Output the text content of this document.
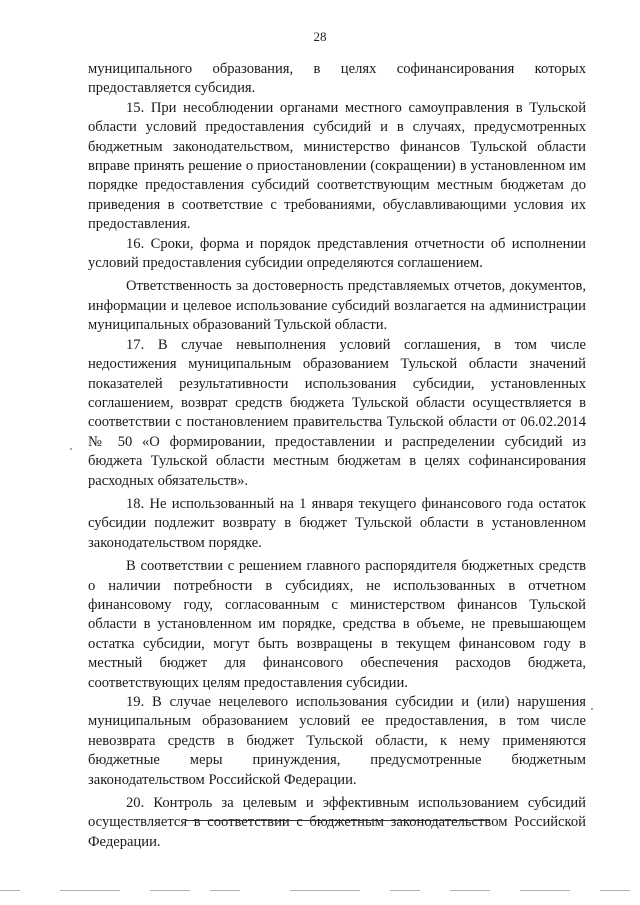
28

муниципального образования, в целях софинансирования которых предоставляется субсидия.

15. При несоблюдении органами местного самоуправления в Тульской области условий предоставления субсидий и в случаях, предусмотренных бюджетным законодательством, министерство финансов Тульской области вправе принять решение о приостановлении (сокращении) в установленном им порядке предоставления субсидий соответствующим местным бюджетам до приведения в соответствие с требованиями, обуславливающими условия их предоставления.

16. Сроки, форма и порядок представления отчетности об исполнении условий предоставления субсидии определяются соглашением.

Ответственность за достоверность представляемых отчетов, документов, информации и целевое использование субсидий возлагается на администрации муниципальных образований Тульской области.

17. В случае невыполнения условий соглашения, в том числе недостижения муниципальным образованием Тульской области значений показателей результативности использования субсидии, установленных соглашением, возврат средств бюджета Тульской области осуществляется в соответствии с постановлением правительства Тульской области от 06.02.2014 № 50 «О формировании, предоставлении и распределении субсидий из бюджета Тульской области местным бюджетам в целях софинансирования расходных обязательств».

18. Не использованный на 1 января текущего финансового года остаток субсидии подлежит возврату в бюджет Тульской области в установленном законодательством порядке.

В соответствии с решением главного распорядителя бюджетных средств о наличии потребности в субсидиях, не использованных в отчетном финансовому году, согласованным с министерством финансов Тульской области в установленном им порядке, средства в объеме, не превышающем остатка субсидии, могут быть возвращены в текущем финансовом году в местный бюджет для финансового обеспечения расходов бюджета, соответствующих целям предоставления субсидии.

19. В случае нецелевого использования субсидии и (или) нарушения муниципальным образованием условий ее предоставления, в том числе невозврата средств в бюджет Тульской области, к нему применяются бюджетные меры принуждения, предусмотренные бюджетным законодательством Российской Федерации.

20. Контроль за целевым и эффективным использованием субсидий осуществляется в соответствии с бюджетным законодательством Российской Федерации.
